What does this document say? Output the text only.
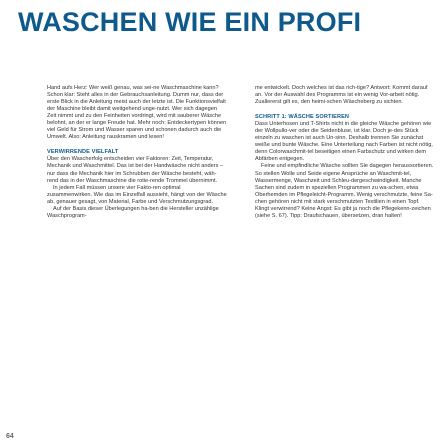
WASCHEN WIE EIN PROFI

Hand aufs Herz: Wer weiß genau, was sei-ne Waschmaschine kann? Schon klar: Steht alles in der Gebrauchsanleitung. Dumm nur, dass der erste Blick in die Anleitung meist auch der letzte ist. Die Funktionsvielfalt der Maschine bleibt damit weitgehend unge-nutzt. Wer sich dagegen Zeit nimmt und zu den Feinheiten vordringt, wird mit sauberer Wäsche belohnt, an der er lange Freude hat. Mehr noch: Entdeckertypen können viel Geld für Strom und Wasser sparen und schonen dadurch auch die Umwelt. Also: Anleitung rauskramen und lesen!

VERWIRRENDE VIELFALT

Über den Wascherfolg entscheiden vier Faktoren: Zeit, Temperatur, Mechanik und Waschmittel. Das ist bei der Handwäsche nicht anders – nur dass die Mechanik hier im Schrubben der Wäsche besteht, wäh-rend das in der Waschmaschine die rotie-rende Trommel übernimmt.

In jedem Fall müssen unsere vier Fakto-ren optimal zusammenwirken. Wie das im Einzelfall aussieht, hängt von der Wäsche ab, genauer gesagt, von Material, Farbe und Verschmutzungsgrad.

Auf der Basis dieser Überlegungen ha-ben die Hersteller unzählige Waschprogram-

me entwickelt. Doch welches ist das rich-tige? Antwort: Kommt darauf an. Vor der Auswahl des Programms ist ein wenig Vor-arbeit nötig. Zuallererst gilt es, den heimi-schen Wäscheberg zu sichten.

SCHRITT 1: WÄSCHE SORTIEREN

Dass Unterhosen und T-Shirts nicht in die gleiche Wäsche gehören wie der Wollpullo-ver oder die Seidenbluse, ist klar. Doch je-des Stück einzeln zu waschen ist auch Un-sinn. Deshalb trennen Sie zunächst weiße und bunte Wäsche. Eine Unterteilung nach Farben ist nicht nötig, denn Colorwaschmit-tel beseitigen einen Farbschutz und wirken dem Abfärben entgegen.

Feine und empfindliche Wäsche sollten Sie dagegen heraussortieren. So stellen Wolle und Seide eigene Ansprüche an Waschmit-tel, Wassermenge, Waschzeit und Schleu-dergeschwindigkeit. Manche Sachen sind zudem in speziellen Programmen zu wa-schen, etwa Oberhemden im Pflegeleicht-Programm. Wenig verschmutzte, feine Sa-chen gehören nicht mit stark verschmutzten Textilien in einen Topf. Klingt verwirrend? Keine Angst: Es gibt ja noch die Pflegekenn-zeichen (siehe S. 67). Tipp: Draufschauen, übersetzen, dran halten!

64
